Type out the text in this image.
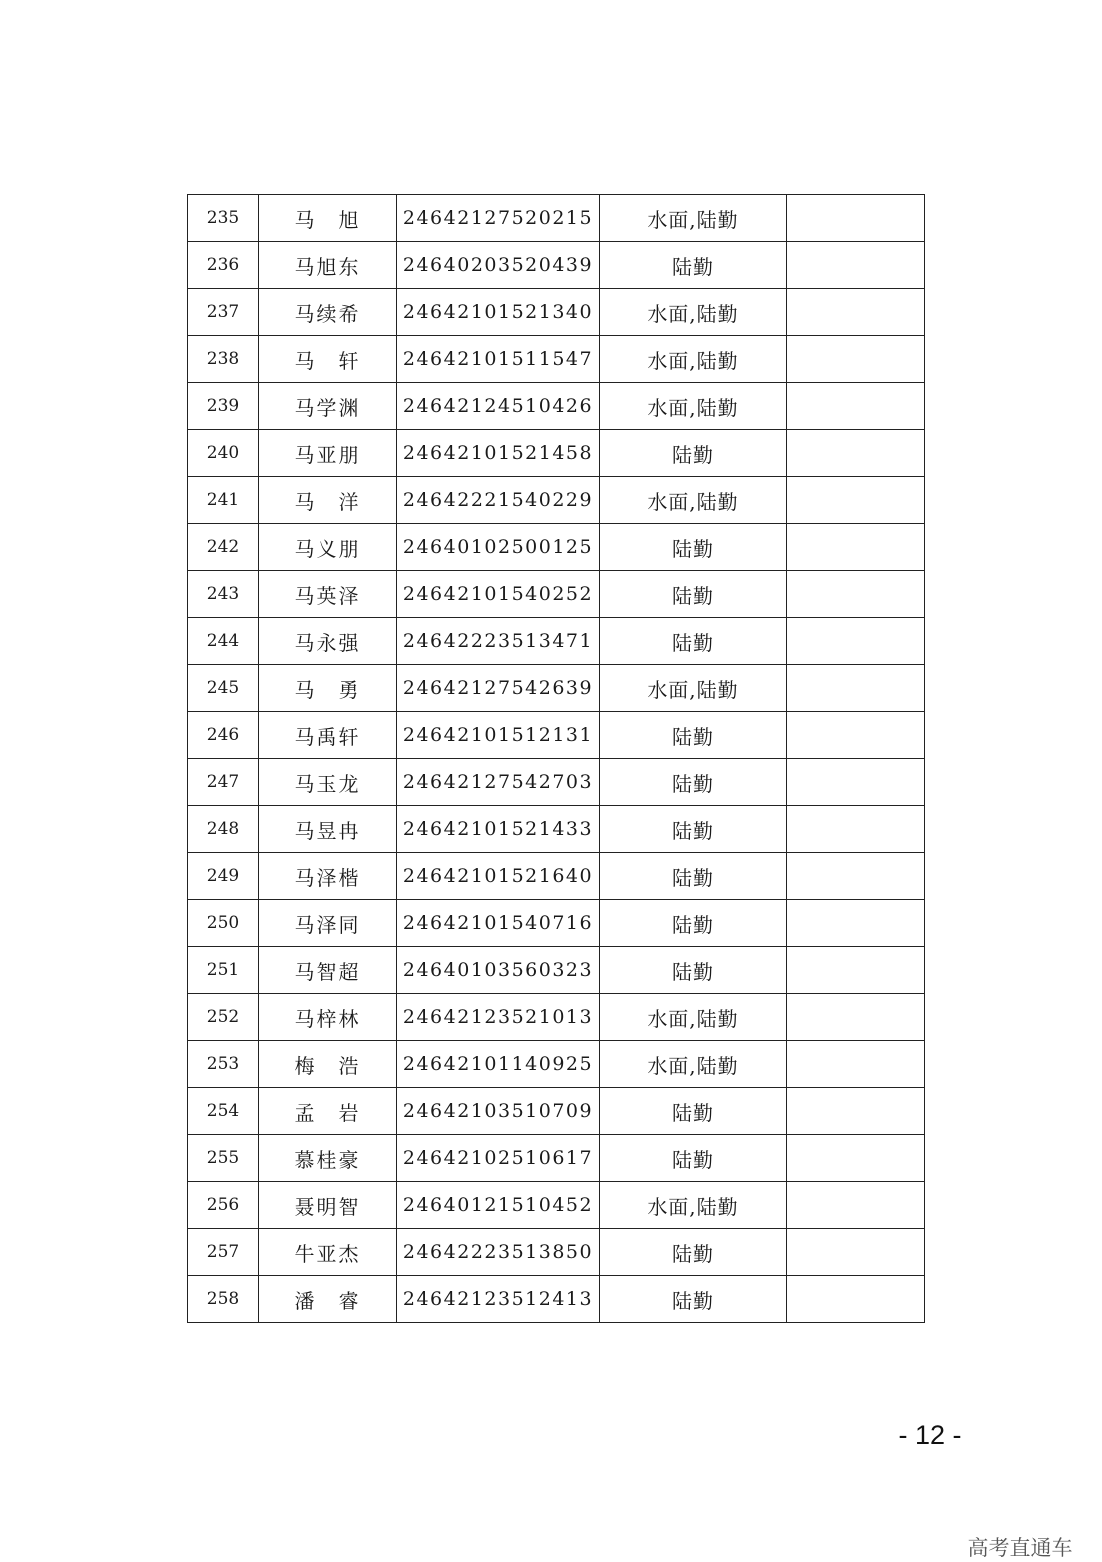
235	马　旭	24642127520215	水面,陆勤	
236	马旭东	24640203520439	陆勤	
237	马续希	24642101521340	水面,陆勤	
238	马　轩	24642101511547	水面,陆勤	
239	马学渊	24642124510426	水面,陆勤	
240	马亚朋	24642101521458	陆勤	
241	马　洋	24642221540229	水面,陆勤	
242	马义朋	24640102500125	陆勤	
243	马英泽	24642101540252	陆勤	
244	马永强	24642223513471	陆勤	
245	马　勇	24642127542639	水面,陆勤	
246	马禹轩	24642101512131	陆勤	
247	马玉龙	24642127542703	陆勤	
248	马昱冉	24642101521433	陆勤	
249	马泽楷	24642101521640	陆勤	
250	马泽同	24642101540716	陆勤	
251	马智超	24640103560323	陆勤	
252	马梓林	24642123521013	水面,陆勤	
253	梅　浩	24642101140925	水面,陆勤	
254	孟　岩	24642103510709	陆勤	
255	慕桂豪	24642102510617	陆勤	
256	聂明智	24640121510452	水面,陆勤	
257	牛亚杰	24642223513850	陆勤	
258	潘　睿	24642123512413	陆勤	
- 12 -
高考直通车
